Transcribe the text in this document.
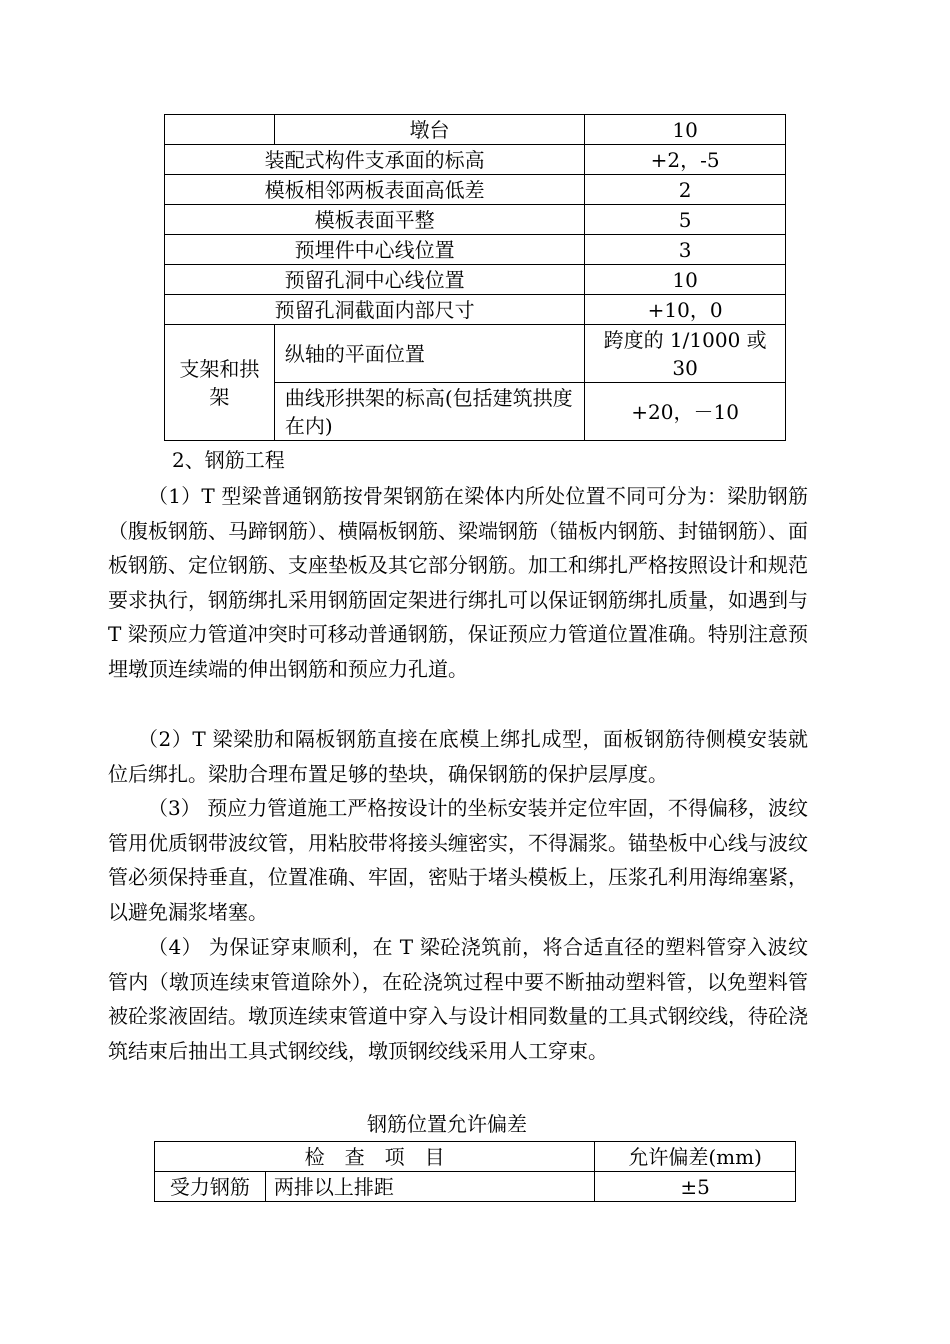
	墩台	10
装配式构件支承面的标高		+2，-5
模板相邻两板表面高低差		2
模板表面平整		5
预埋件中心线位置		3
预留孔洞中心线位置		10
预留孔洞截面内部尺寸		+10，0
支架和拱架	纵轴的平面位置	跨度的 1/1000 或 30
	曲线形拱架的标高(包括建筑拱度在内)	+20，－10
2、钢筋工程
（1）T 型梁普通钢筋按骨架钢筋在梁体内所处位置不同可分为：梁肋钢筋（腹板钢筋、马蹄钢筋）、横隔板钢筋、梁端钢筋（锚板内钢筋、封锚钢筋）、面板钢筋、定位钢筋、支座垫板及其它部分钢筋。加工和绑扎严格按照设计和规范要求执行，钢筋绑扎采用钢筋固定架进行绑扎可以保证钢筋绑扎质量，如遇到与 T 梁预应力管道冲突时可移动普通钢筋，保证预应力管道位置准确。特别注意预埋墩顶连续端的伸出钢筋和预应力孔道。
（2）T 梁梁肋和隔板钢筋直接在底模上绑扎成型，面板钢筋待侧模安装就位后绑扎。梁肋合理布置足够的垫块，确保钢筋的保护层厚度。
（3） 预应力管道施工严格按设计的坐标安装并定位牢固，不得偏移，波纹管用优质钢带波纹管，用粘胶带将接头缠密实，不得漏浆。锚垫板中心线与波纹管必须保持垂直，位置准确、牢固，密贴于堵头模板上，压浆孔利用海绵塞紧，以避免漏浆堵塞。
（4） 为保证穿束顺利，在 T 梁砼浇筑前，将合适直径的塑料管穿入波纹管内（墩顶连续束管道除外），在砼浇筑过程中要不断抽动塑料管，以免塑料管被砼浆液固结。墩顶连续束管道中穿入与设计相同数量的工具式钢绞线，待砼浇筑结束后抽出工具式钢绞线，墩顶钢绞线采用人工穿束。
钢筋位置允许偏差
检　查　项　目		允许偏差(mm)
受力钢筋	两排以上排距	±5
